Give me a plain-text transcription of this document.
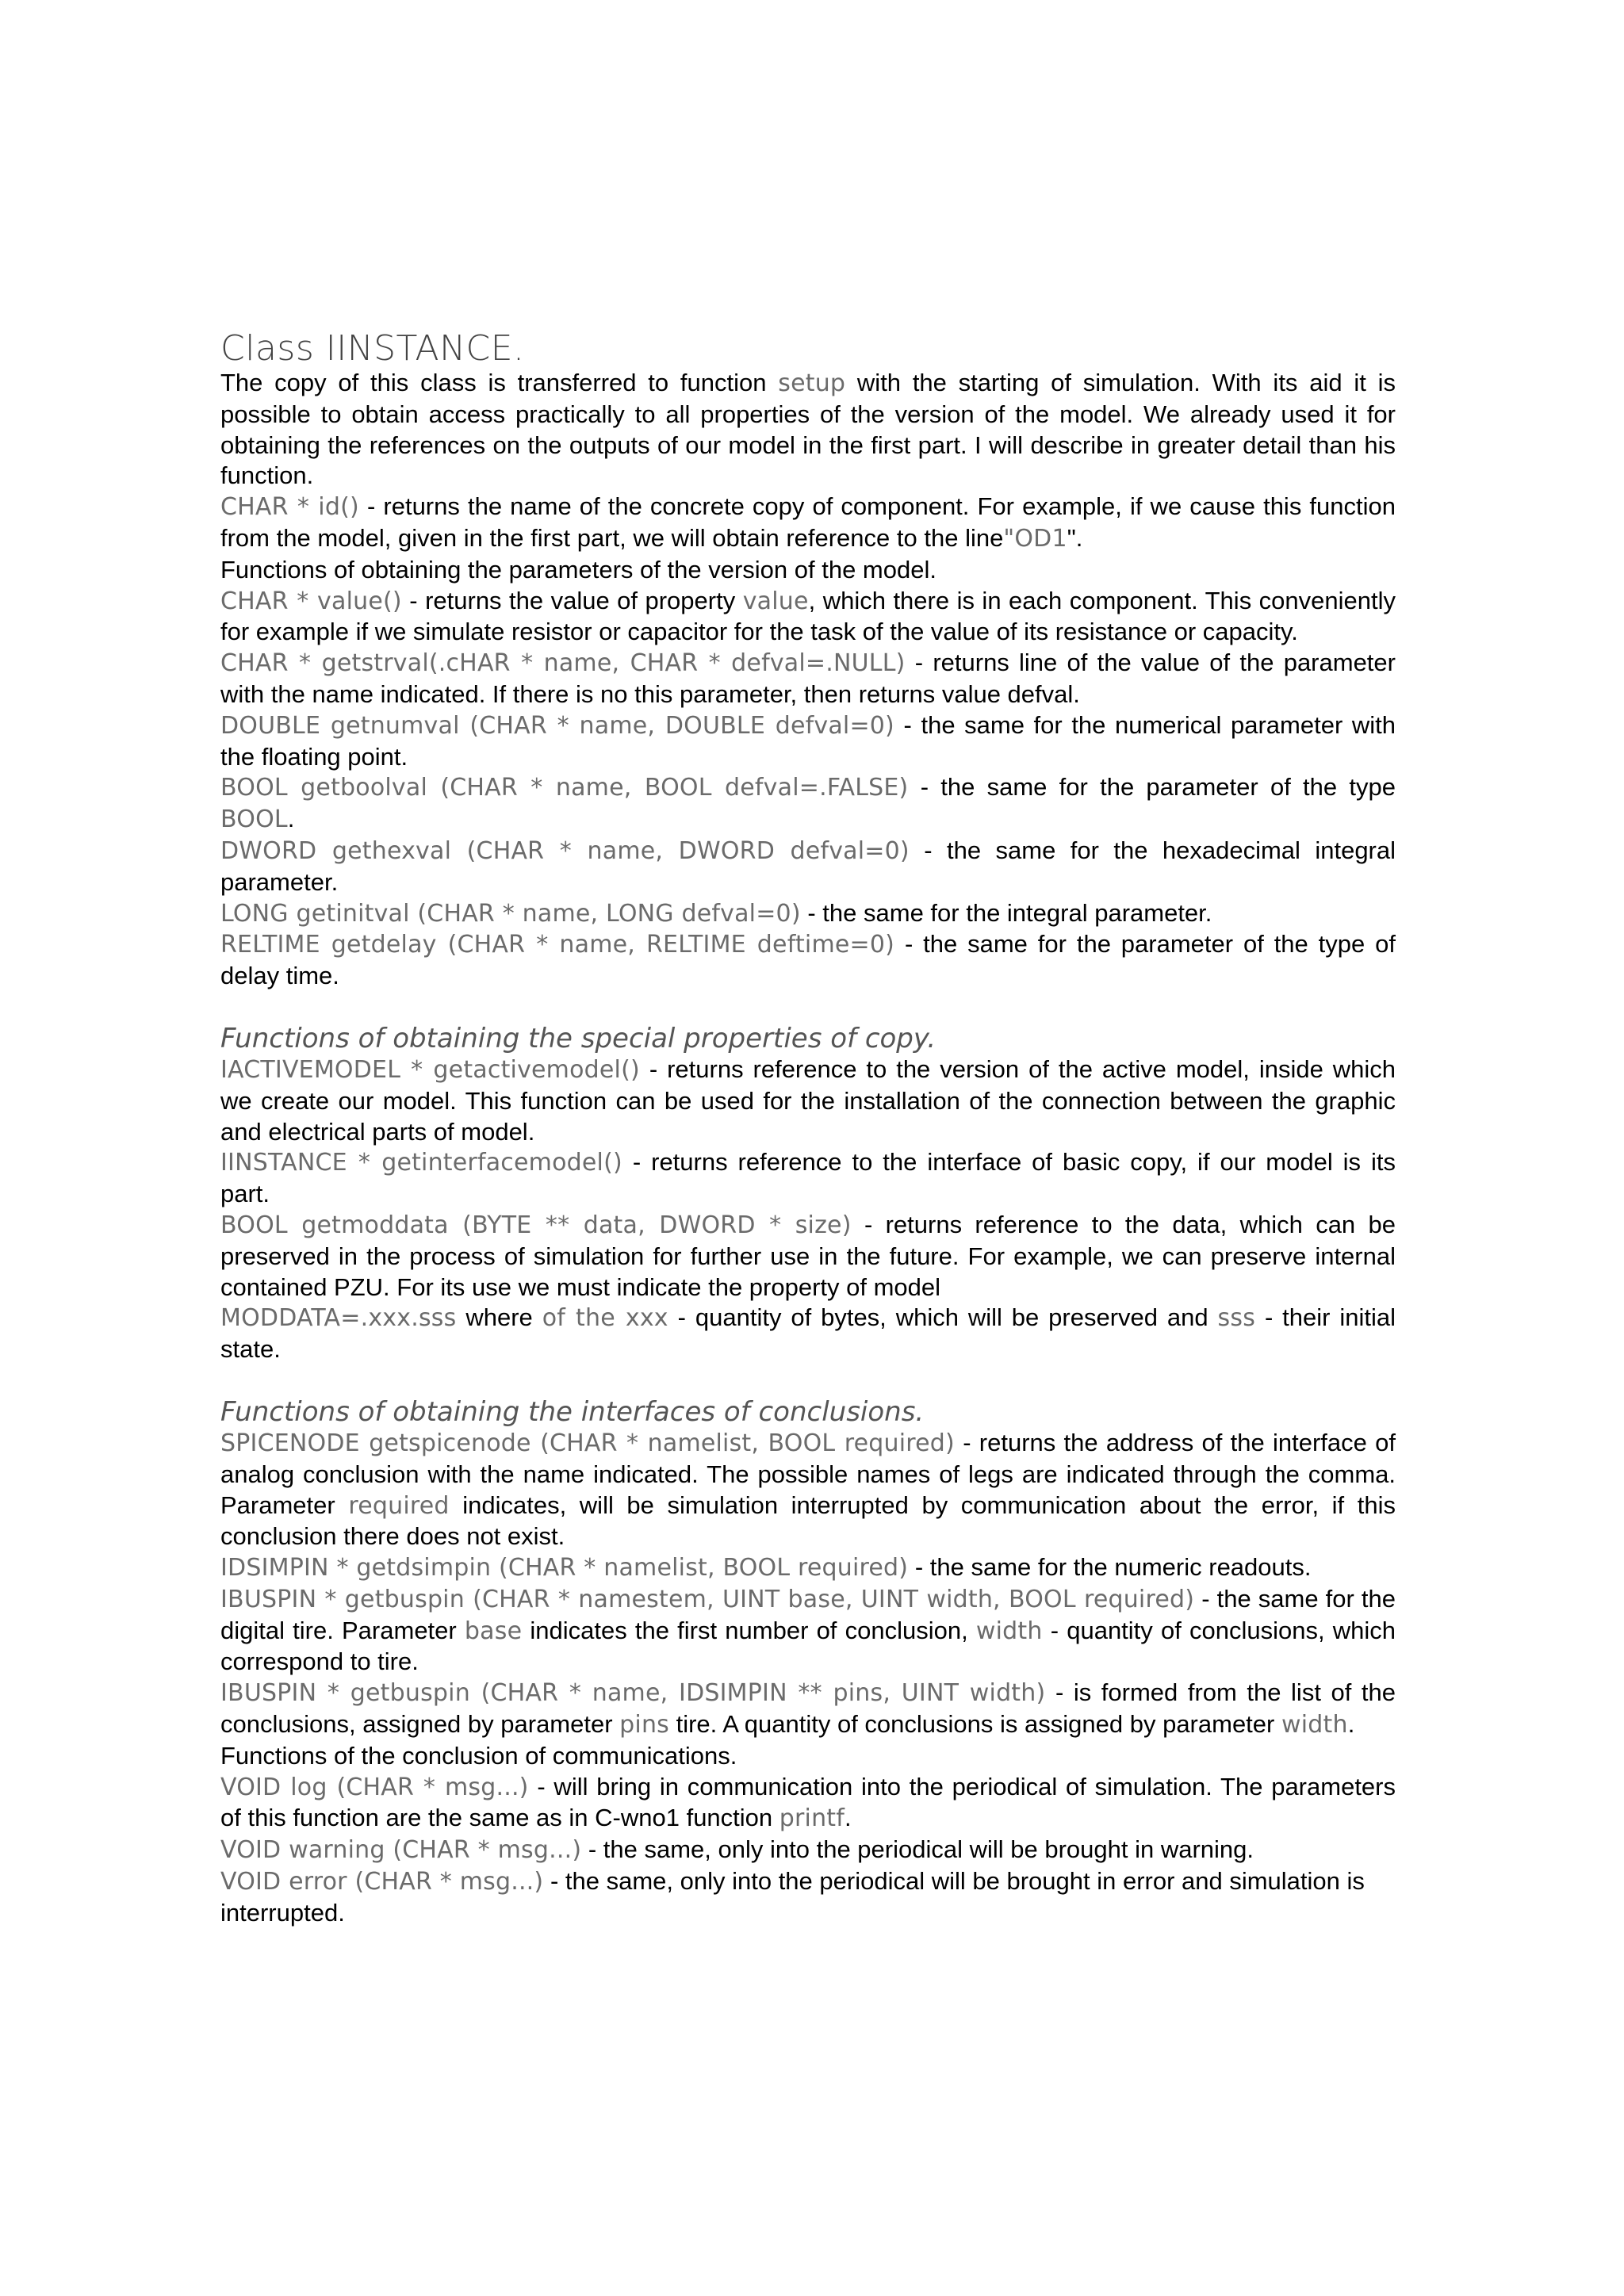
Class IINSTANCE.

The copy of this class is transferred to function setup with the starting of simulation. With its aid it is possible to obtain access practically to all properties of the version of the model. We already used it for obtaining the references on the outputs of our model in the first part. I will describe in greater detail than his function.

CHAR * id() - returns the name of the concrete copy of component. For example, if we cause this function from the model, given in the first part, we will obtain reference to the line"OD1".

Functions of obtaining the parameters of the version of the model.

CHAR * value() - returns the value of property value, which there is in each component. This conveniently for example if we simulate resistor or capacitor for the task of the value of its resistance or capacity.

CHAR * getstrval(.cHAR * name, CHAR * defval=.NULL) - returns line of the value of the parameter with the name indicated. If there is no this parameter, then returns value defval.

DOUBLE getnumval (CHAR * name, DOUBLE defval=0) - the same for the numerical parameter with the floating point.

BOOL getboolval (CHAR * name, BOOL defval=.FALSE) - the same for the parameter of the type BOOL.

DWORD gethexval (CHAR * name, DWORD defval=0) - the same for the hexadecimal integral parameter.

LONG getinitval (CHAR * name, LONG defval=0) - the same for the integral parameter.

RELTIME getdelay (CHAR * name, RELTIME deftime=0) - the same for the parameter of the type of delay time.

Functions of obtaining the special properties of copy.

IACTIVEMODEL * getactivemodel() - returns reference to the version of the active model, inside which we create our model. This function can be used for the installation of the connection between the graphic and electrical parts of model.

IINSTANCE * getinterfacemodel() - returns reference to the interface of basic copy, if our model is its part.

BOOL getmoddata (BYTE ** data, DWORD * size) - returns reference to the data, which can be preserved in the process of simulation for further use in the future. For example, we can preserve internal contained PZU. For its use we must indicate the property of model

MODDATA=.xxx.sss where of the xxx - quantity of bytes, which will be preserved and sss - their initial state.

Functions of obtaining the interfaces of conclusions.

SPICENODE getspicenode (CHAR * namelist, BOOL required) - returns the address of the interface of analog conclusion with the name indicated. The possible names of legs are indicated through the comma. Parameter required indicates, will be simulation interrupted by communication about the error, if this conclusion there does not exist.

IDSIMPIN * getdsimpin (CHAR * namelist, BOOL required) - the same for the numeric readouts.

IBUSPIN * getbuspin (CHAR * namestem, UINT base, UINT width, BOOL required) - the same for the digital tire. Parameter base indicates the first number of conclusion, width - quantity of conclusions, which correspond to tire.

IBUSPIN * getbuspin (CHAR * name, IDSIMPIN ** pins, UINT width) - is formed from the list of the conclusions, assigned by parameter pins tire. A quantity of conclusions is assigned by parameter width.

Functions of the conclusion of communications.

VOID log (CHAR * msg...) - will bring in communication into the periodical of simulation. The parameters of this function are the same as in C-wno1 function printf.

VOID warning (CHAR * msg...) - the same, only into the periodical will be brought in warning.

VOID error (CHAR * msg...) - the same, only into the periodical will be brought in error and simulation is interrupted.
